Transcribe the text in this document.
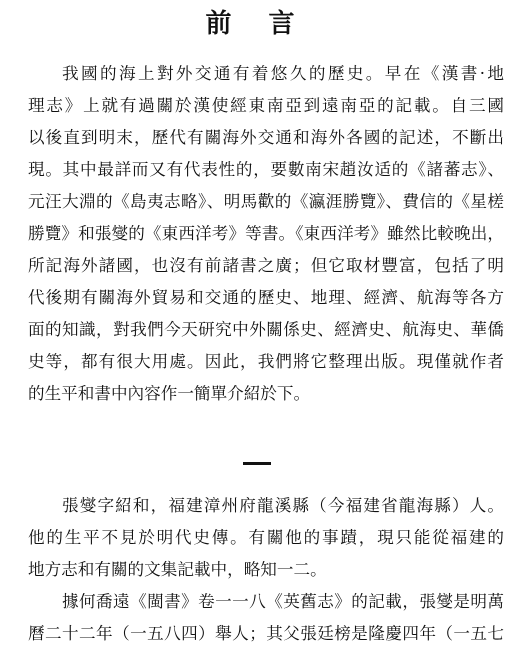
前 言
我國的海上對外交通有着悠久的歷史。早在《漢書·地
理志》上就有過關於漢使經東南亞到遠南亞的記載。自三國
以後直到明末，歷代有關海外交通和海外各國的記述，不斷出
現。其中最詳而又有代表性的，要數南宋趙汝适的《諸蕃志》、
元汪大淵的《島夷志略》、明馬歡的《瀛涯勝覽》、費信的《星槎
勝覽》和張燮的《東西洋考》等書。《東西洋考》雖然比較晚出，
所記海外諸國，也沒有前諸書之廣；但它取材豐富，包括了明
代後期有關海外貿易和交通的歷史、地理、經濟、航海等各方
面的知識，對我們今天研究中外關係史、經濟史、航海史、華僑
史等，都有很大用處。因此，我們將它整理出版。現僅就作者
的生平和書中內容作一簡單介紹於下。
張燮字紹和，福建漳州府龍溪縣（今福建省龍海縣）人。
他的生平不見於明代史傳。有關他的事蹟，現只能從福建的
地方志和有關的文集記載中，略知一二。
據何喬遠《閩書》卷一一八《英舊志》的記載，張燮是明萬
曆二十二年（一五八四）舉人；其父張廷榜是隆慶四年（一五七
